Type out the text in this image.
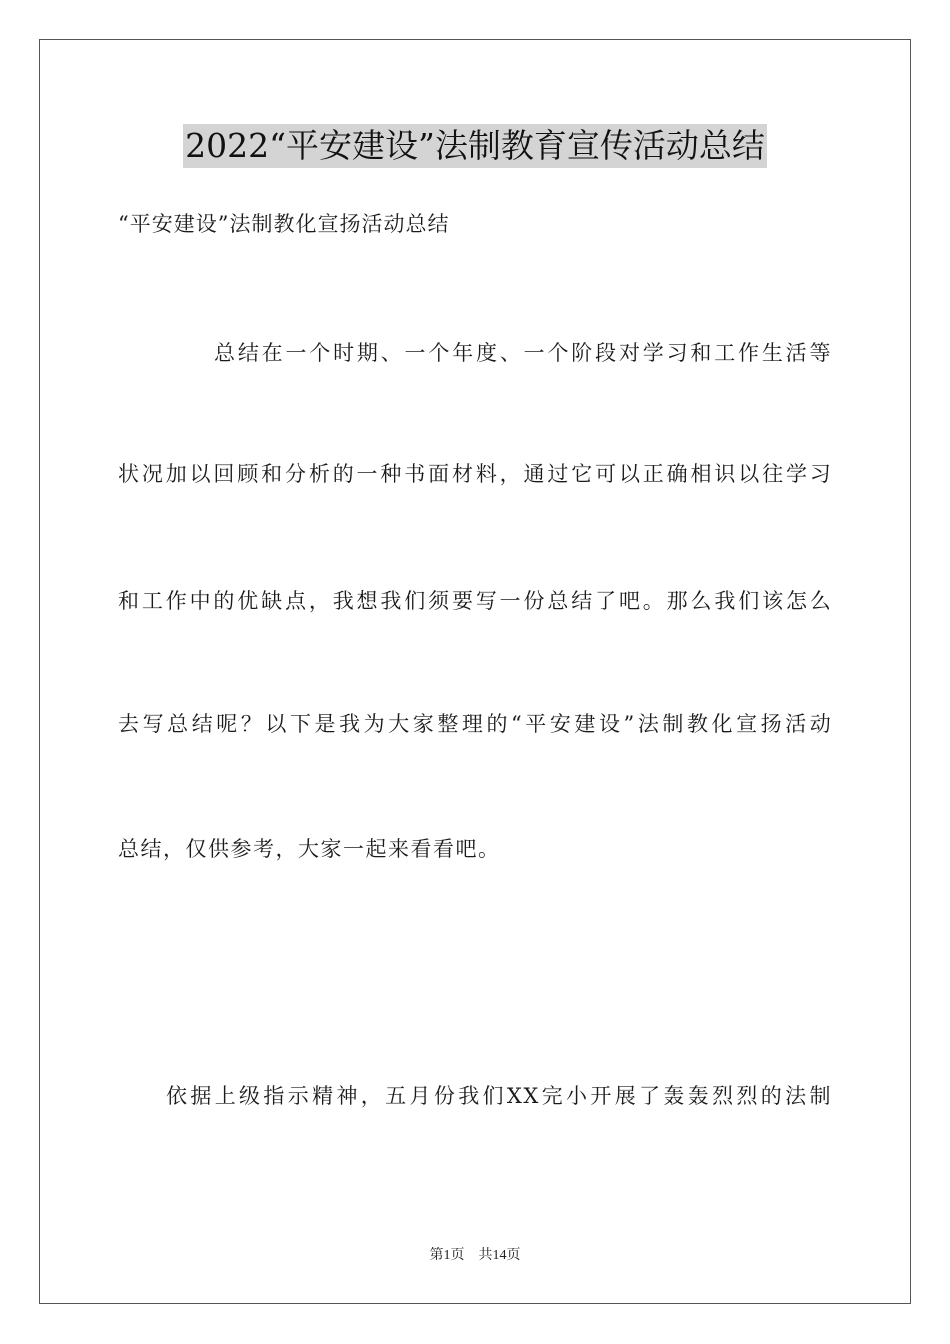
2022“平安建设”法制教育宣传活动总结
“平安建设”法制教化宣扬活动总结
总结在一个时期、一个年度、一个阶段对学习和工作生活等
状况加以回顾和分析的一种书面材料，通过它可以正确相识以往学习
和工作中的优缺点，我想我们须要写一份总结了吧。那么我们该怎么
去写总结呢？以下是我为大家整理的“平安建设”法制教化宣扬活动
总结，仅供参考，大家一起来看看吧。
依据上级指示精神，五月份我们XX完小开展了轰轰烈烈的法制
第1页 共14页
